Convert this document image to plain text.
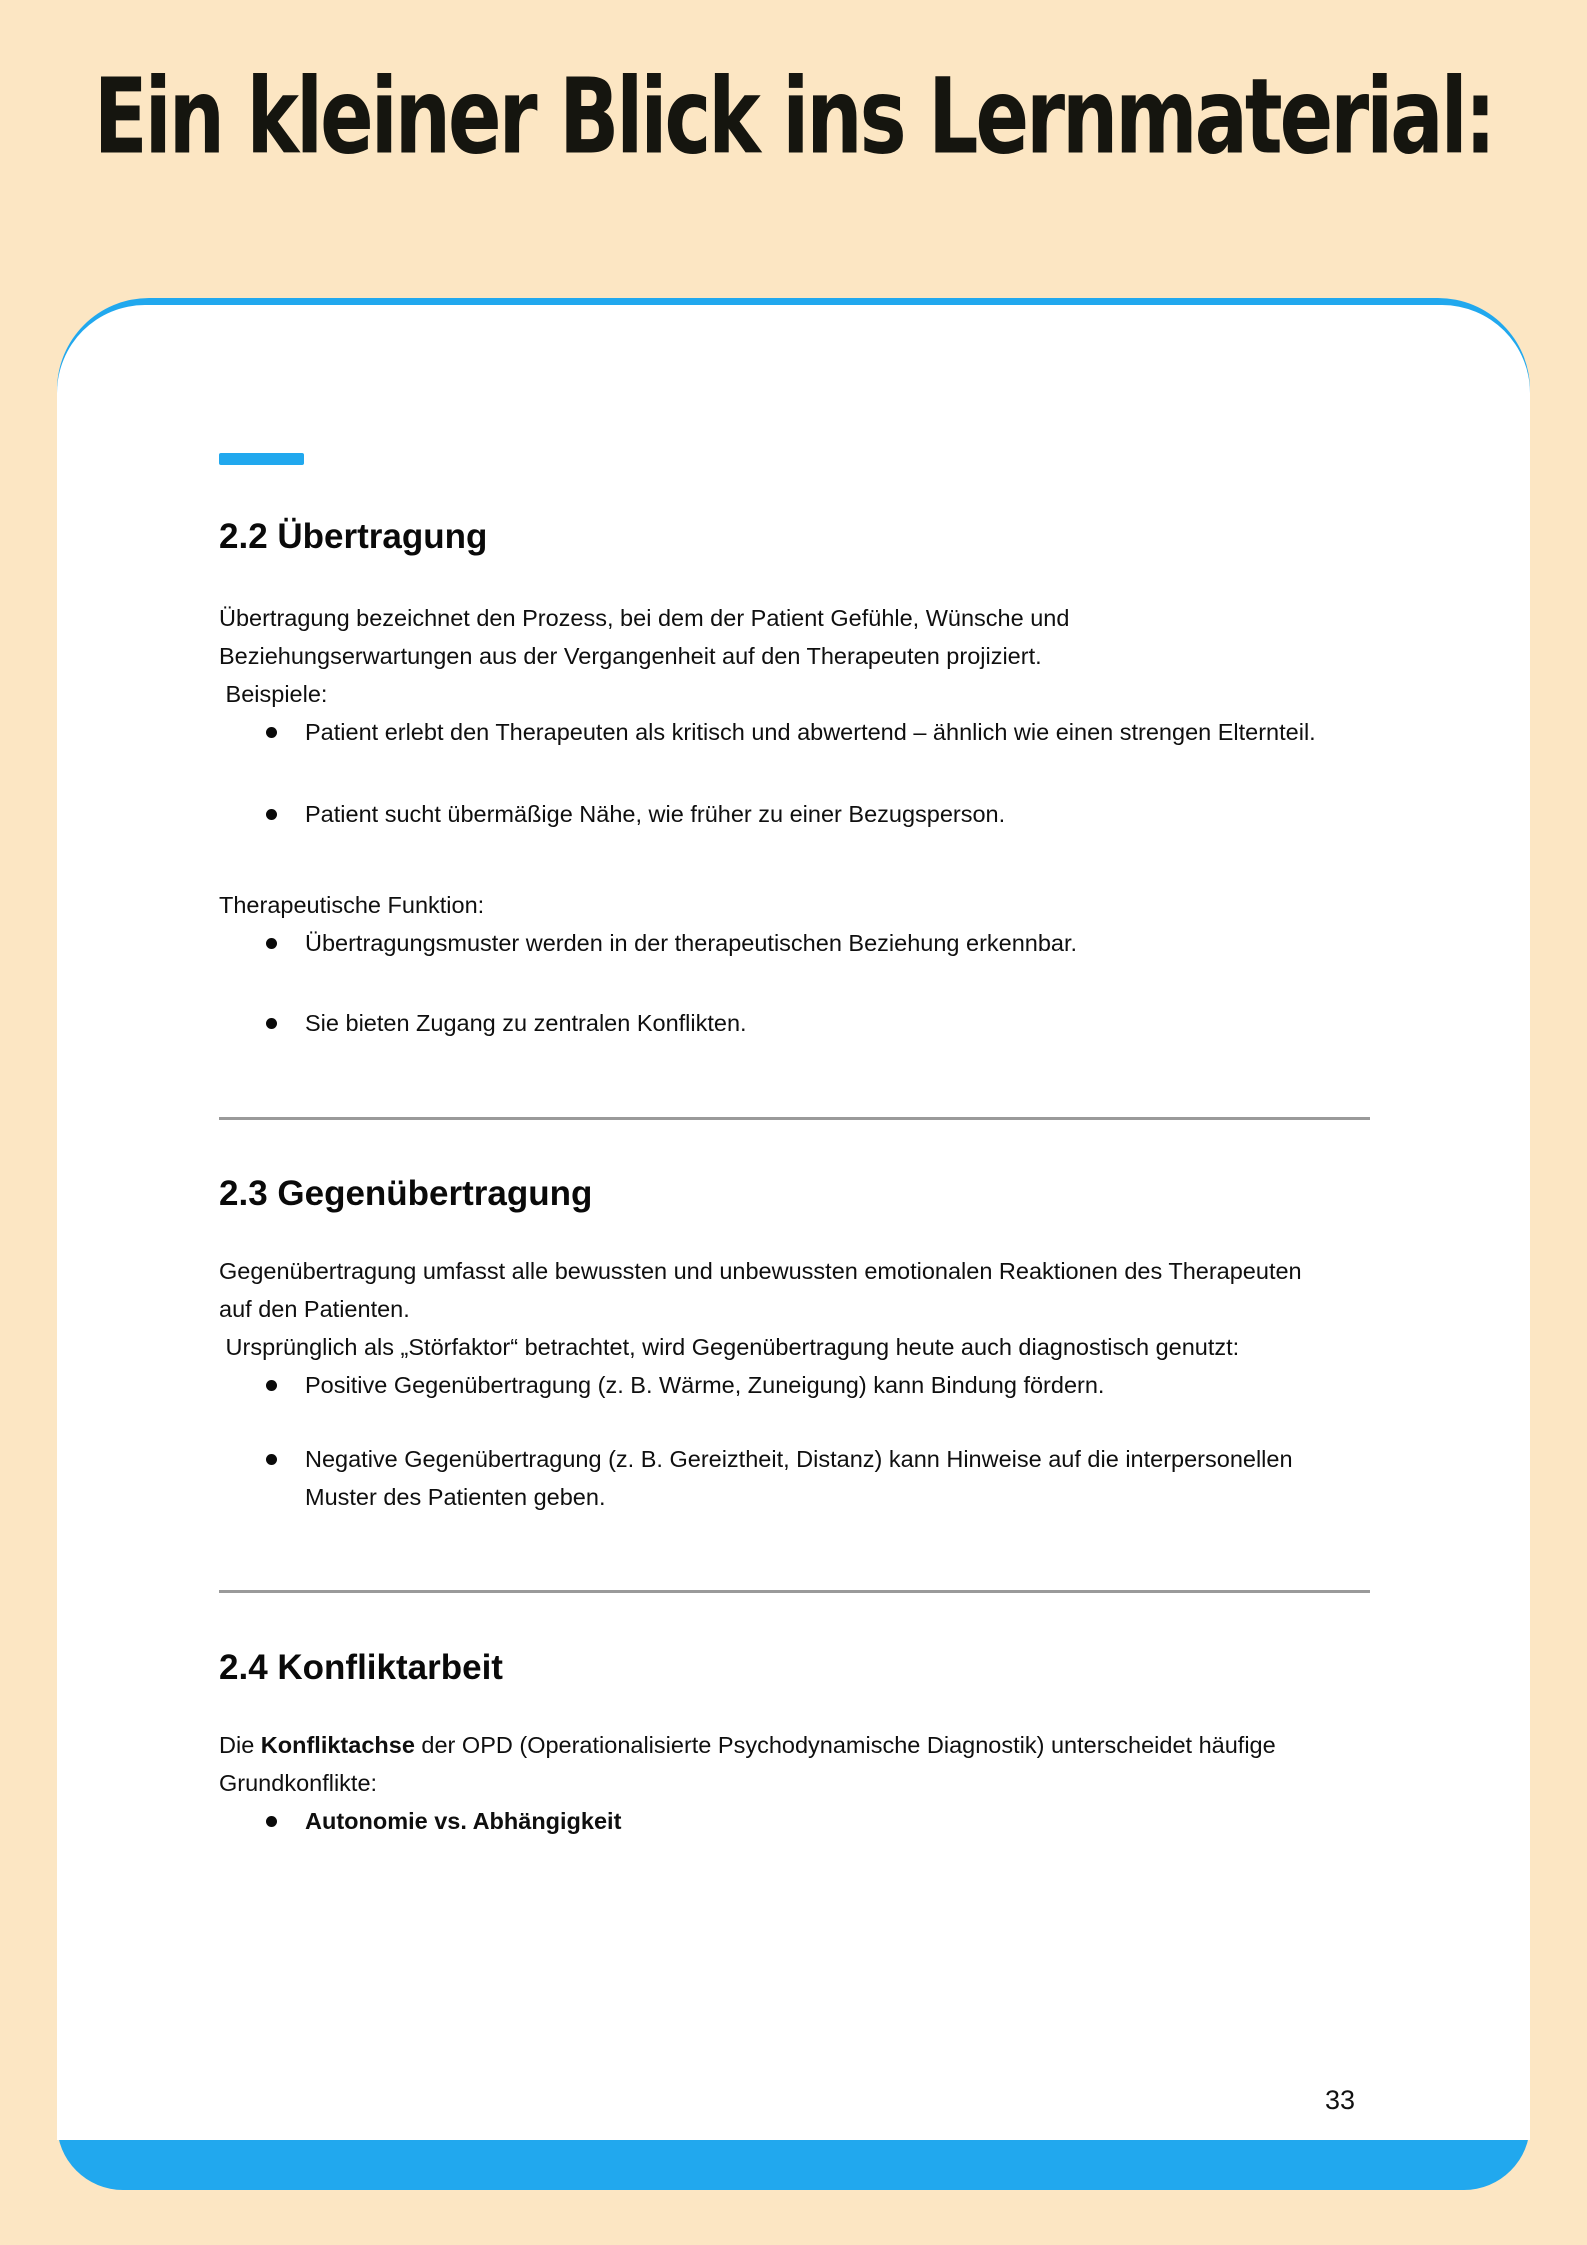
Ein kleiner Blick ins Lernmaterial:
2.2 Übertragung
Übertragung bezeichnet den Prozess, bei dem der Patient Gefühle, Wünsche und
Beziehungserwartungen aus der Vergangenheit auf den Therapeuten projiziert.
Beispiele:
Patient erlebt den Therapeuten als kritisch und abwertend – ähnlich wie einen strengen Elternteil.
Patient sucht übermäßige Nähe, wie früher zu einer Bezugsperson.
Therapeutische Funktion:
Übertragungsmuster werden in der therapeutischen Beziehung erkennbar.
Sie bieten Zugang zu zentralen Konflikten.
2.3 Gegenübertragung
Gegenübertragung umfasst alle bewussten und unbewussten emotionalen Reaktionen des Therapeuten
auf den Patienten.
Ursprünglich als „Störfaktor“ betrachtet, wird Gegenübertragung heute auch diagnostisch genutzt:
Positive Gegenübertragung (z. B. Wärme, Zuneigung) kann Bindung fördern.
Negative Gegenübertragung (z. B. Gereiztheit, Distanz) kann Hinweise auf die interpersonellen
Muster des Patienten geben.
2.4 Konfliktarbeit

Die Konfliktachse der OPD (Operationalisierte Psychodynamische Diagnostik) unterscheidet häufige Grundkonflikte:

Autonomie vs. Abhängigkeit
33
